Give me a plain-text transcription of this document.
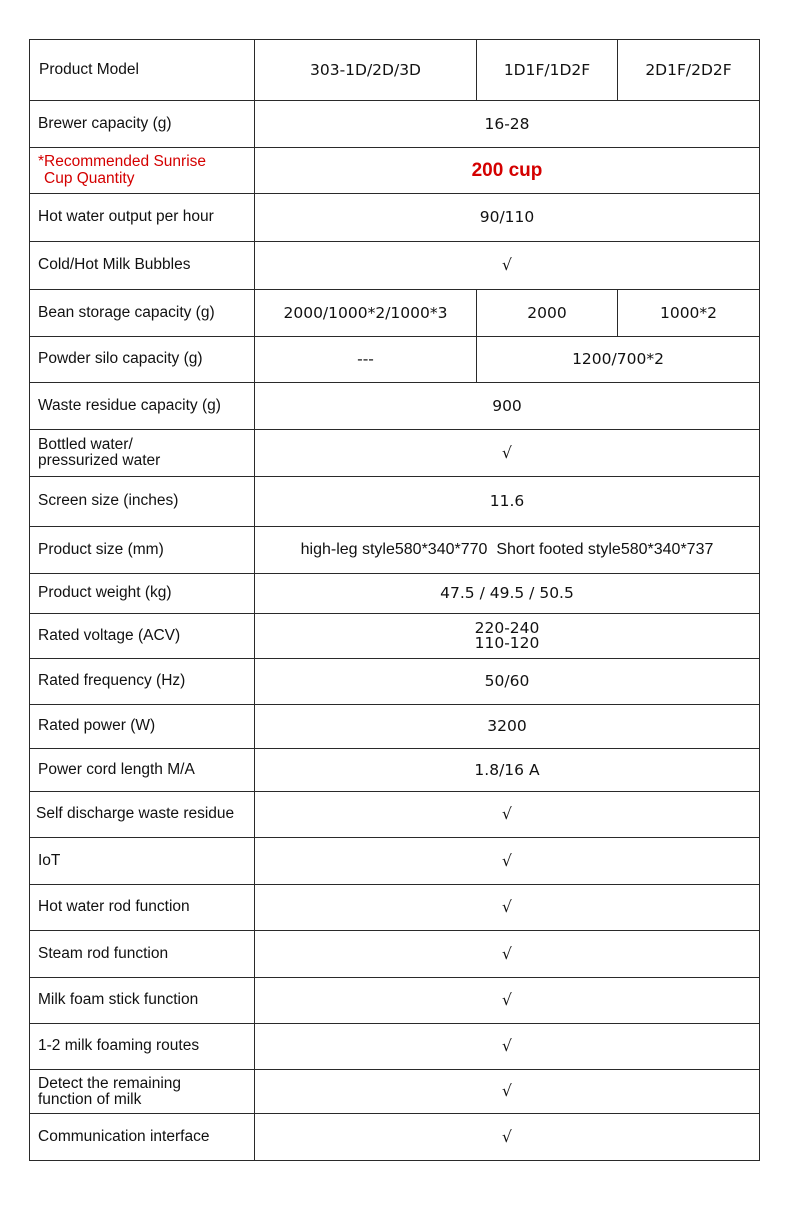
Product Model	303-1D/2D/3D	1D1F/1D2F	2D1F/2D2F
Brewer capacity (g)	16-28		

*Recommended Sunrise
Cup Quantity	200 cup		
Hot water output per hour	90/110		
Cold/Hot Milk Bubbles	√		
Bean storage capacity (g)	2000/1000*2/1000*3	2000	1000*2
Powder silo capacity (g)	---	1200/700*2	
Waste residue capacity (g)	900		

Bottled water/
pressurized water	√		
Screen size (inches)	11.6		
Product size (mm)	high-leg style580*340*770  Short footed style580*340*737		
Product weight (kg)	47.5 / 49.5 / 50.5		
Rated voltage (ACV)	220-240
110-120		

Rated frequency (Hz)	50/60		
Rated power (W)	3200		
Power cord length M/A	1.8/16 A		
Self discharge waste residue	√		
IoT	√		
Hot water rod function	√		
Steam rod function	√		
Milk foam stick function	√		
1-2 milk foaming routes	√		

Detect the remaining
function of milk	√		
Communication interface	√		
